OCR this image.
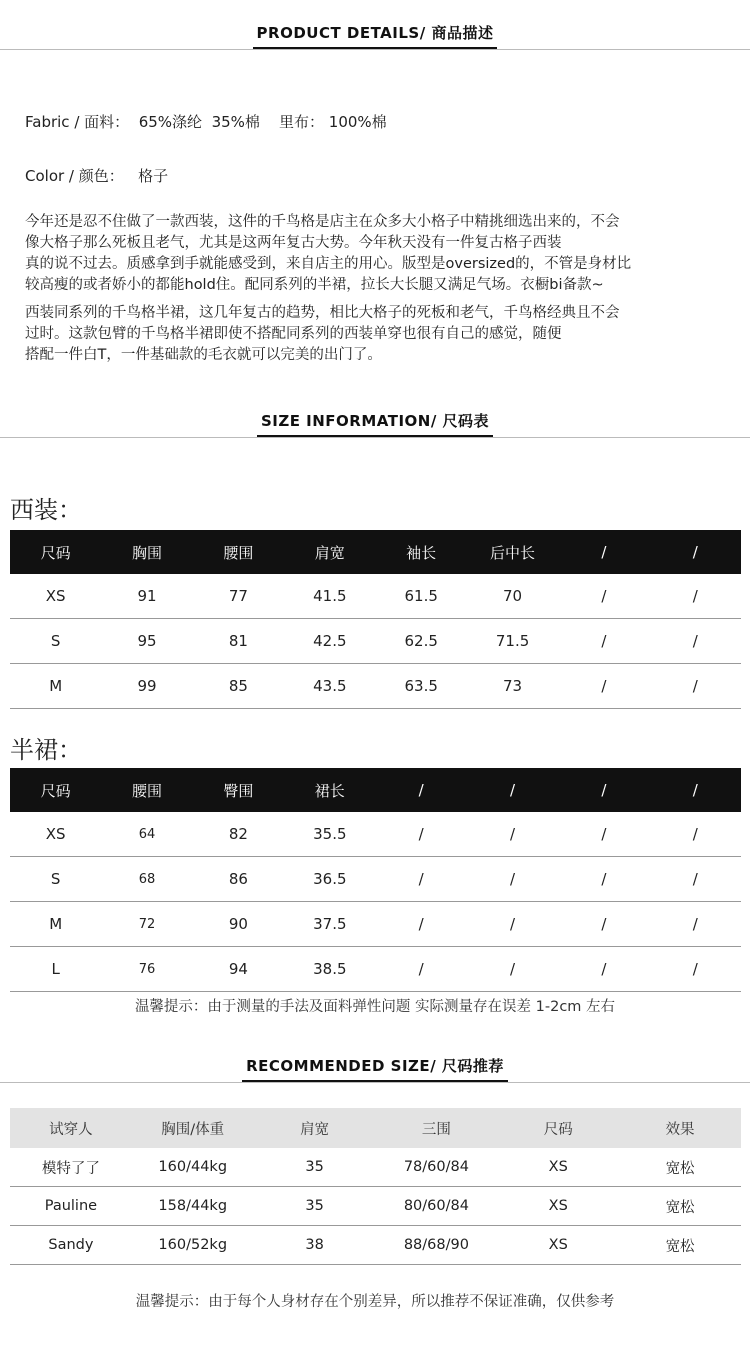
PRODUCT DETAILS/ 商品描述
Fabric / 面料： 65%涤纶  35%棉 里布： 100%棉
Color / 颜色： 格子

今年还是忍不住做了一款西装，这件的千鸟格是店主在众多大小格子中精挑细选出来的，不会

像大格子那么死板且老气，尤其是这两年复古大势。今年秋天没有一件复古格子西装

真的说不过去。质感拿到手就能感受到，来自店主的用心。版型是oversized的，不管是身材比

较高瘦的或者娇小的都能hold住。配同系列的半裙，拉长大长腿又满足气场。衣橱bi备款~

西装同系列的千鸟格半裙，这几年复古的趋势，相比大格子的死板和老气，千鸟格经典且不会

过时。这款包臂的千鸟格半裙即使不搭配同系列的西装单穿也很有自己的感觉，随便

搭配一件白T，一件基础款的毛衣就可以完美的出门了。

SIZE INFORMATION/ 尺码表
西装：
尺码	胸围	腰围	肩宽	袖长	后中长	/	/
XS	91	77	41.5	61.5	70	/	/
S	95	81	42.5	62.5	71.5	/	/
M	99	85	43.5	63.5	73	/	/
半裙：
尺码	腰围	臀围	裙长	/	/	/	/
XS	64	82	35.5	/	/	/	/
S	68	86	36.5	/	/	/	/
M	72	90	37.5	/	/	/	/
L	76	94	38.5	/	/	/	/
温馨提示：由于测量的手法及面料弹性问题 实际测量存在误差 1-2cm 左右
RECOMMENDED SIZE/ 尺码推荐
试穿人	胸围/体重	肩宽	三围	尺码	效果
模特了了	160/44kg	35	78/60/84	XS	宽松
Pauline	158/44kg	35	80/60/84	XS	宽松
Sandy	160/52kg	38	88/68/90	XS	宽松
温馨提示：由于每个人身材存在个别差异，所以推荐不保证准确，仅供参考
